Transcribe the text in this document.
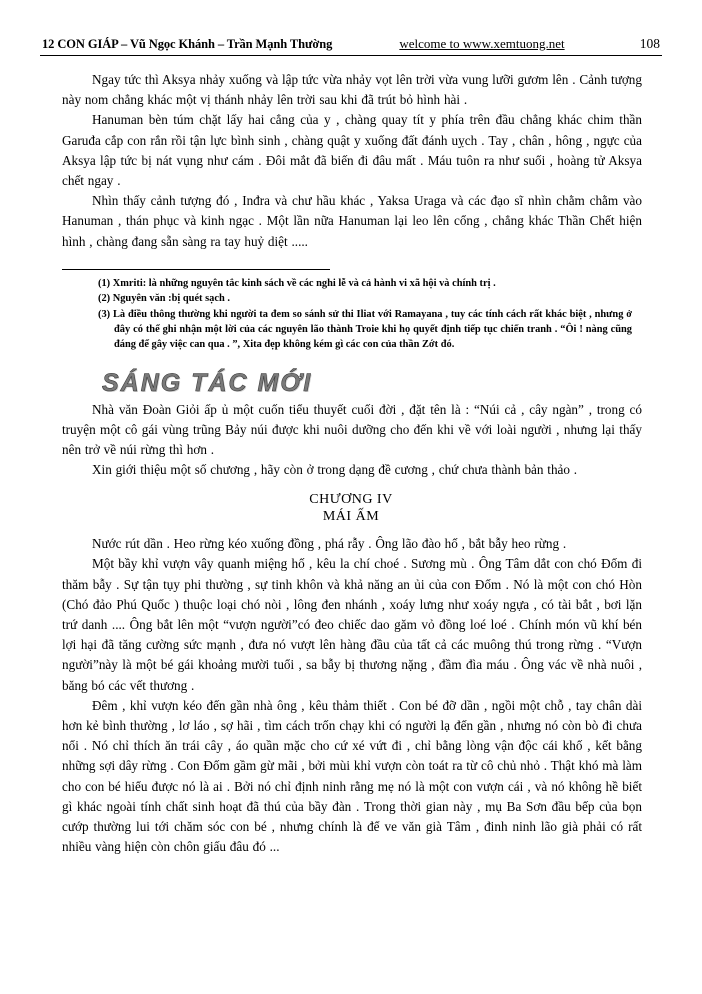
12 CON GIÁP – Vũ Ngọc Khánh – Trần Mạnh Thường	welcome to www.xemtuong.net	108

Ngay tức thì Aksya nhảy xuống và lập tức vừa nhảy vọt lên trời vừa vung lưỡi gươm lên . Cảnh tượng này nom chẳng khác một vị thánh nhảy lên trời sau khi đã trút bỏ hình hài .

Hanuman bèn túm chặt lấy hai cẳng của y , chàng quay tít y phía trên đầu chẳng khác chim thần Garuđa cắp con rắn rồi tận lực bình sinh , chàng quật y xuống đất đánh uỵch . Tay , chân , hông , ngực của Aksya lập tức bị nát vụng như cám . Đôi mắt đã biến đi đâu mất . Máu tuôn ra như suối , hoàng tử Aksya chết ngay .

Nhìn thấy cảnh tượng đó , Inđra và chư hầu khác , Yaksa Uraga và các đạo sĩ nhìn chằm chằm vào Hanuman , thán phục và kinh ngạc . Một lần nữa Hanuman lại leo lên cổng , chẳng khác Thần Chết hiện hình , chàng đang sẵn sàng ra tay huỷ diệt .....

(1) Xmriti: là những nguyên tắc kinh sách về các nghi lễ và cả hành vi xã hội và chính trị .

(2) Nguyên văn :bị quét sạch .

(3) Là điều thông thường khi người ta đem so sánh sử thi Iliat với Ramayana , tuy các tính cách rất khác biệt , nhưng ở đây có thể ghi nhận một lời của các nguyên lão thành Troie khi họ quyết định tiếp tục chiến tranh . “Ôi ! nàng cũng đáng để gây việc can qua . ”, Xita đẹp không kém gì các con của thần Zớt đó.

SÁNG TÁC MỚI

Nhà văn Đoàn Giỏi ấp ủ một cuốn tiểu thuyết cuối đời , đặt tên là : “Núi cả , cây ngàn” , trong có truyện một cô gái vùng trũng Bảy núi được khi nuôi dưỡng cho đến khi về với loài người , nhưng lại thấy nên trở về núi rừng thì hơn .

Xin giới thiệu một số chương , hãy còn ở trong dạng đề cương , chứ chưa thành bản thảo .

CHƯƠNG IV
MÁI ẤM

Nước rút dần . Heo rừng kéo xuống đồng , phá rẫy . Ông lão đào hố , bắt bẫy heo rừng .

Một bầy khỉ vượn vây quanh miệng hố , kêu la chí choé . Sương mù . Ông Tâm dắt con chó Đốm đi thăm bẫy . Sự tận tụy phi thường , sự tinh khôn và khả năng an ủi của con Đốm . Nó là một con chó Hòn (Chó đảo Phú Quốc ) thuộc loại chó nòi , lông đen nhánh , xoáy lưng như xoáy ngựa , có tài bắt , bơi lặn trứ danh .... Ông bắt lên một “vượn người”có đeo chiếc dao găm vỏ đồng loé loé . Chính món vũ khí bén lợi hại đã tăng cường sức mạnh , đưa nó vượt lên hàng đầu của tất cả các muông thú trong rừng . “Vượn người”này là một bé gái khoảng mười tuổi , sa bẫy bị thương nặng , đầm đìa máu . Ông vác về nhà nuôi , băng bó các vết thương .

Đêm , khỉ vượn kéo đến gần nhà ông , kêu thảm thiết . Con bé đỡ dần , ngồi một chỗ , tay chân dài hơn kẻ bình thường , lơ láo , sợ hãi , tìm cách trốn chạy khi có người lạ đến gần , nhưng nó còn bò đi chưa nổi . Nó chỉ thích ăn trái cây , áo quần mặc cho cứ xé vứt đi , chỉ bằng lòng vận độc cái khố , kết bằng những sợi dây rừng . Con Đốm gầm gừ mãi , bởi mùi khỉ vượn còn toát ra từ cô chủ nhỏ . Thật khó mà làm cho con bé hiểu được nó là ai . Bởi nó chỉ định ninh rằng mẹ nó là một con vượn cái , và nó không hề biết gì khác ngoài tính chất sinh hoạt đã thú của bầy đàn . Trong thời gian này , mụ Ba Sơn đầu bếp của bọn cướp thường lui tới chăm sóc con bé , nhưng chính là để ve văn già Tâm , đinh ninh lão già phải có rất nhiều vàng hiện còn chôn giấu đâu đó ...
